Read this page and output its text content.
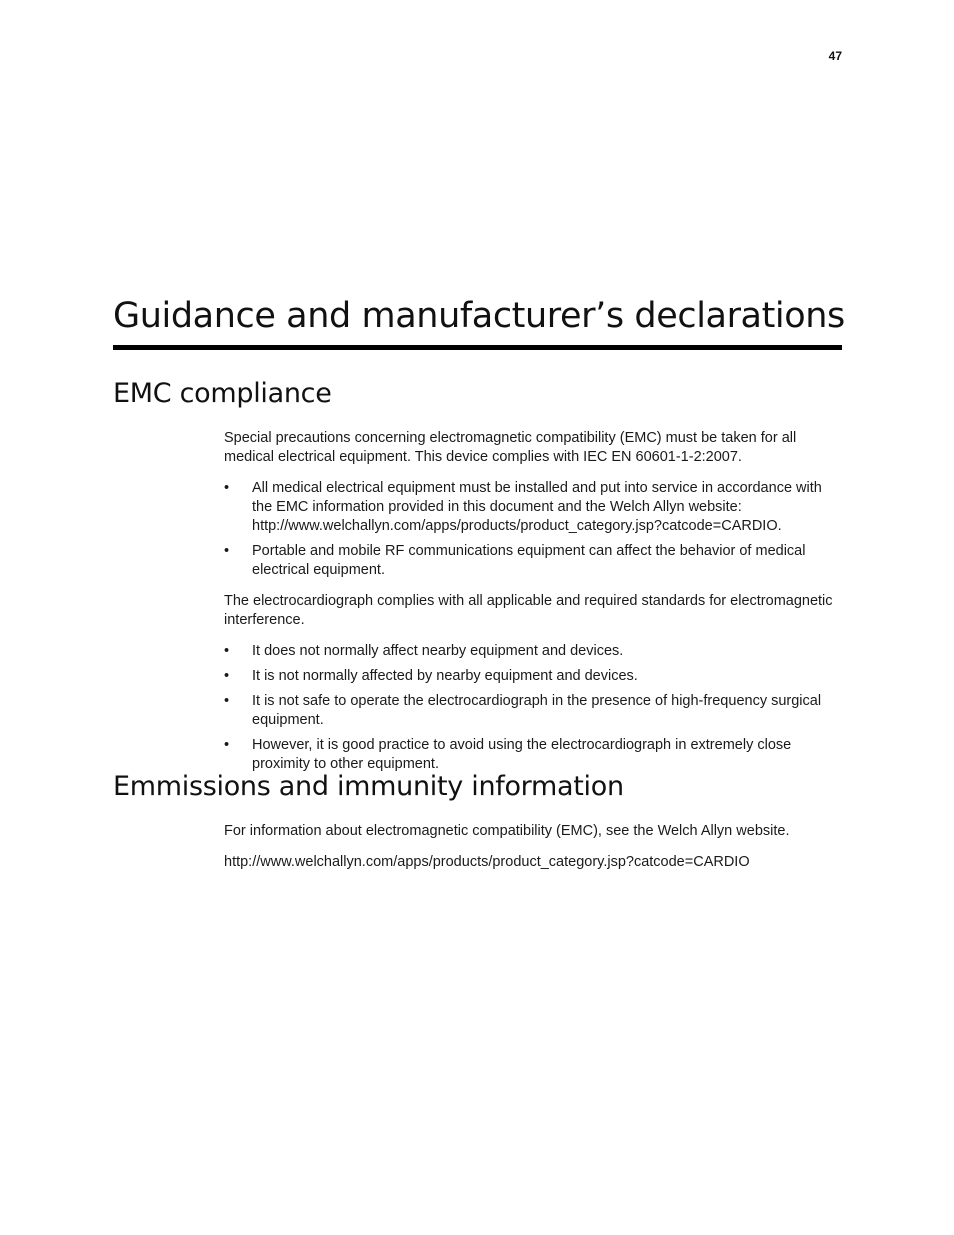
47
Guidance and manufacturer’s declarations
EMC compliance

Special precautions concerning electromagnetic compatibility (EMC) must be taken for all medical electrical equipment. This device complies with IEC EN 60601-1-2:2007.

•	All medical electrical equipment must be installed and put into service in accordance with the EMC information provided in this document and the Welch Allyn website: http://www.welchallyn.com/apps/products/product_category.jsp?catcode=CARDIO.
•	Portable and mobile RF communications equipment can affect the behavior of medical electrical equipment.

The electrocardiograph complies with all applicable and required standards for electromagnetic interference.

•	It does not normally affect nearby equipment and devices.
•	It is not normally affected by nearby equipment and devices.
•	It is not safe to operate the electrocardiograph in the presence of high-frequency surgical equipment.
•	However, it is good practice to avoid using the electrocardiograph in extremely close proximity to other equipment.
Emmissions and immunity information

For information about electromagnetic compatibility (EMC), see the Welch Allyn website.

http://www.welchallyn.com/apps/products/product_category.jsp?catcode=CARDIO
